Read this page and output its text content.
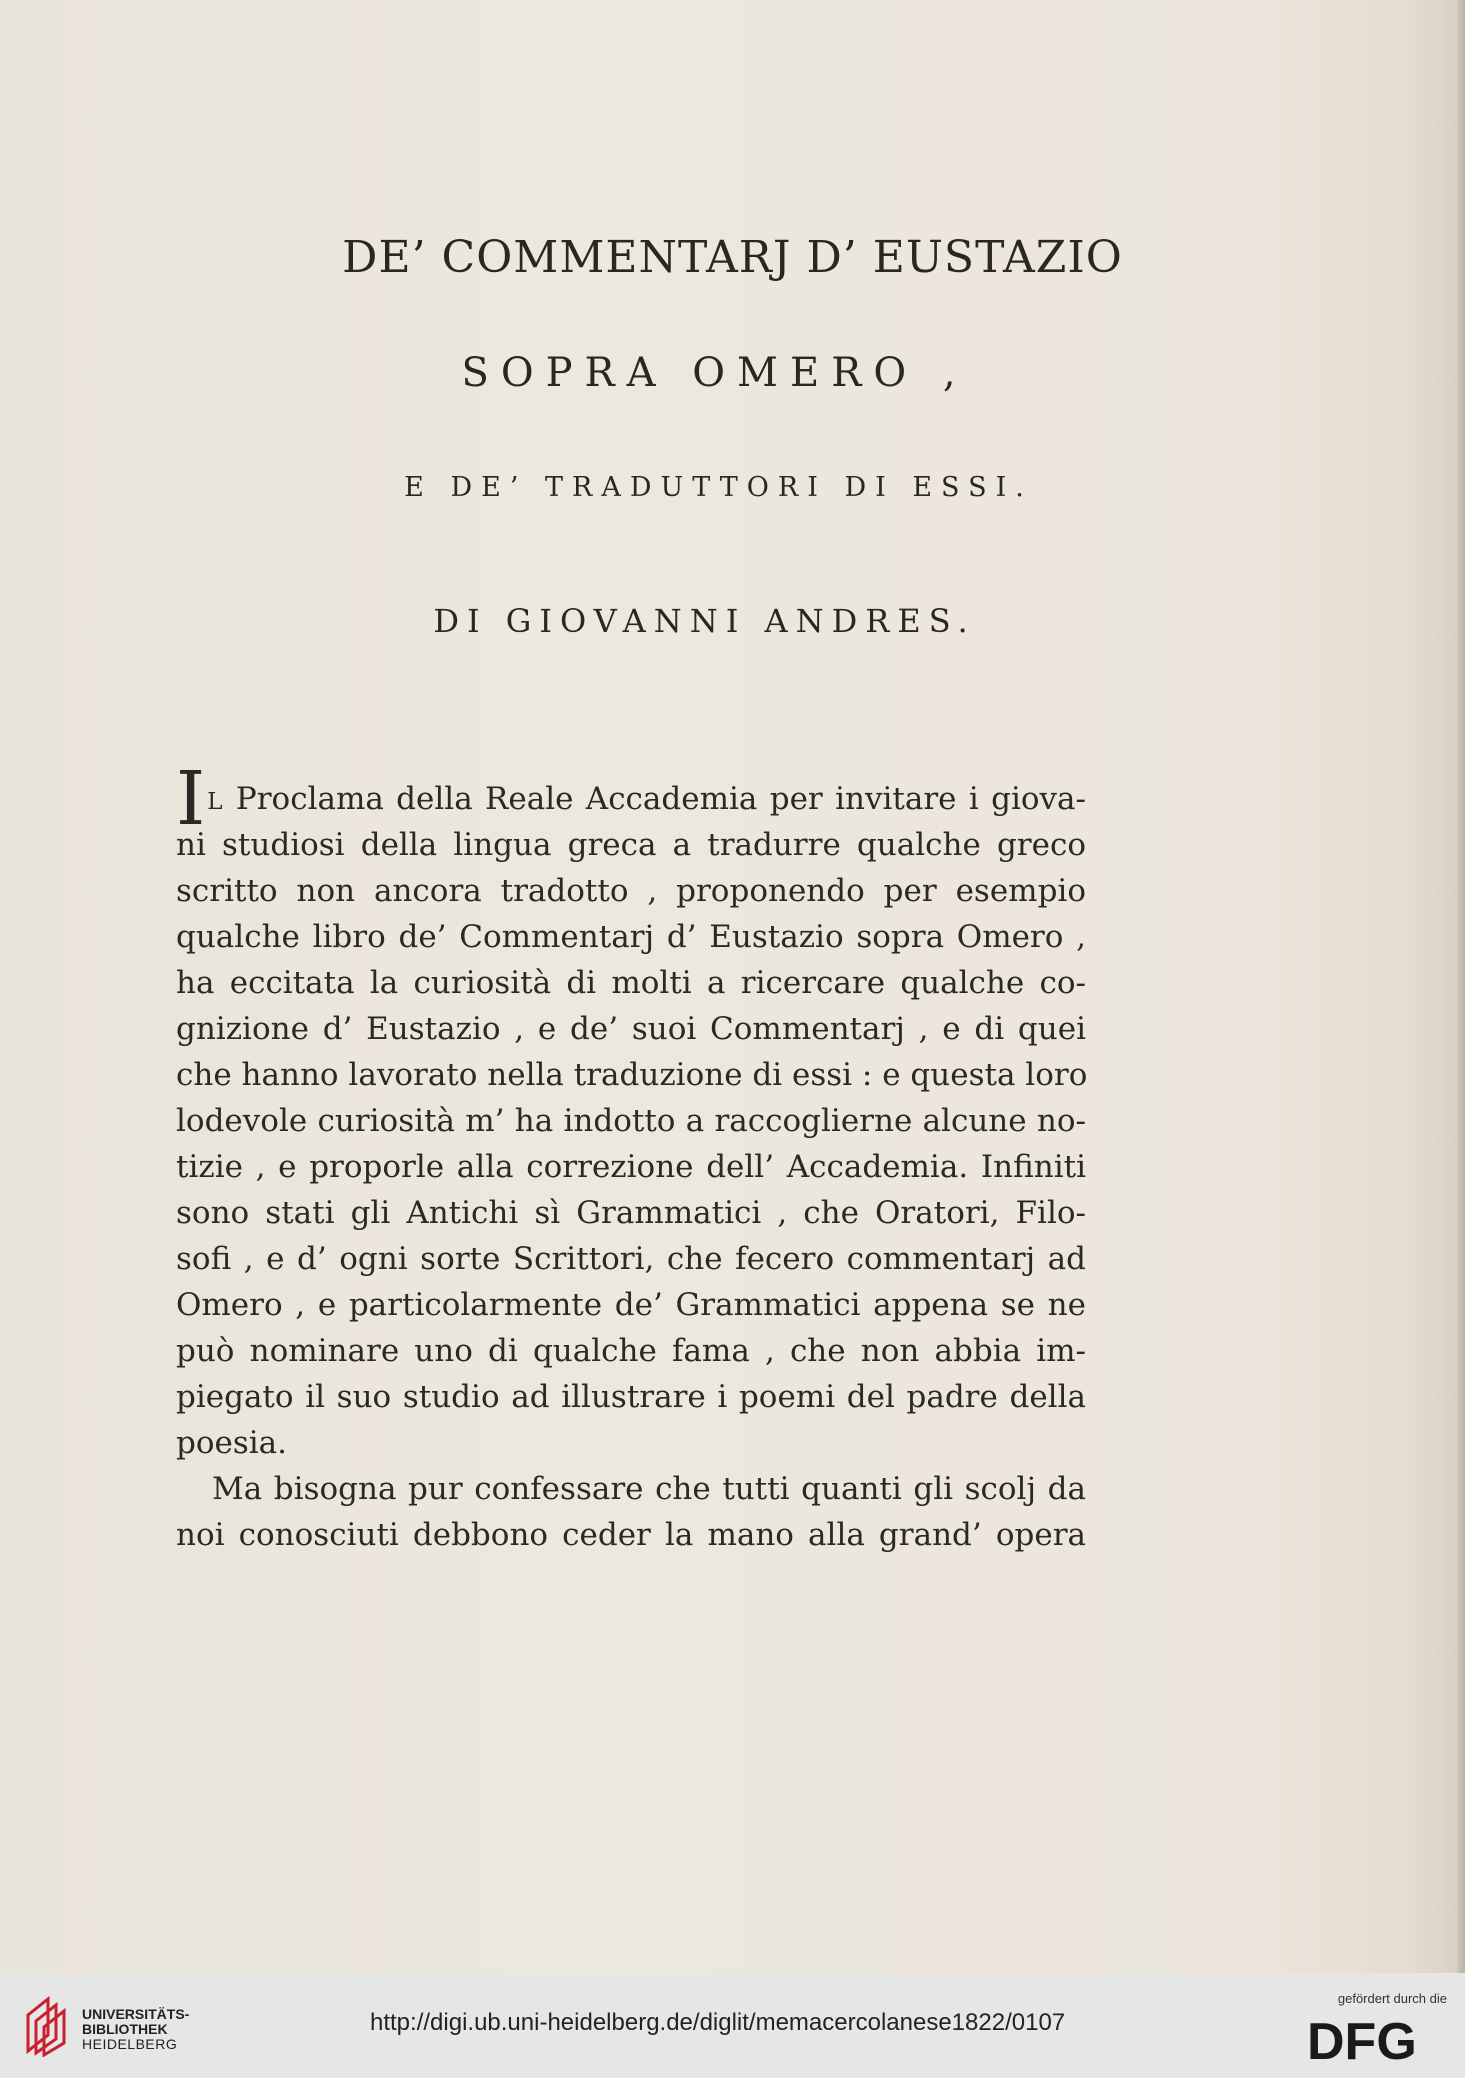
DE’ COMMENTARJ D’ EUSTAZIO
SOPRA OMERO ,
E DE’ TRADUTTORI DI ESSI.
DI GIOVANNI ANDRES.
IL Proclama della Reale Accademia per invitare i giova-
ni studiosi della lingua greca a tradurre qualche greco
scritto non ancora tradotto , proponendo per esempio
qualche libro de’ Commentarj d’ Eustazio sopra Omero ,
ha eccitata la curiosità di molti a ricercare qualche co-
gnizione d’ Eustazio , e de’ suoi Commentarj , e di quei
che hanno lavorato nella traduzione di essi : e questa loro
lodevole curiosità m’ ha indotto a raccoglierne alcune no-
tizie , e proporle alla correzione dell’ Accademia. Infiniti
sono stati gli Antichi sì Grammatici , che Oratori, Filo-
sofi , e d’ ogni sorte Scrittori, che fecero commentarj ad
Omero , e particolarmente de’ Grammatici appena se ne
può nominare uno di qualche fama , che non abbia im-
piegato il suo studio ad illustrare i poemi del padre della
poesia.
Ma bisogna pur confessare che tutti quanti gli scolj da
noi conosciuti debbono ceder la mano alla grand’ opera
UNIVERSITÄTS-
BIBLIOTHEK
HEIDELBERG
http://digi.ub.uni-heidelberg.de/diglit/memacercolanese1822/0107
gefördert durch die
DFG
